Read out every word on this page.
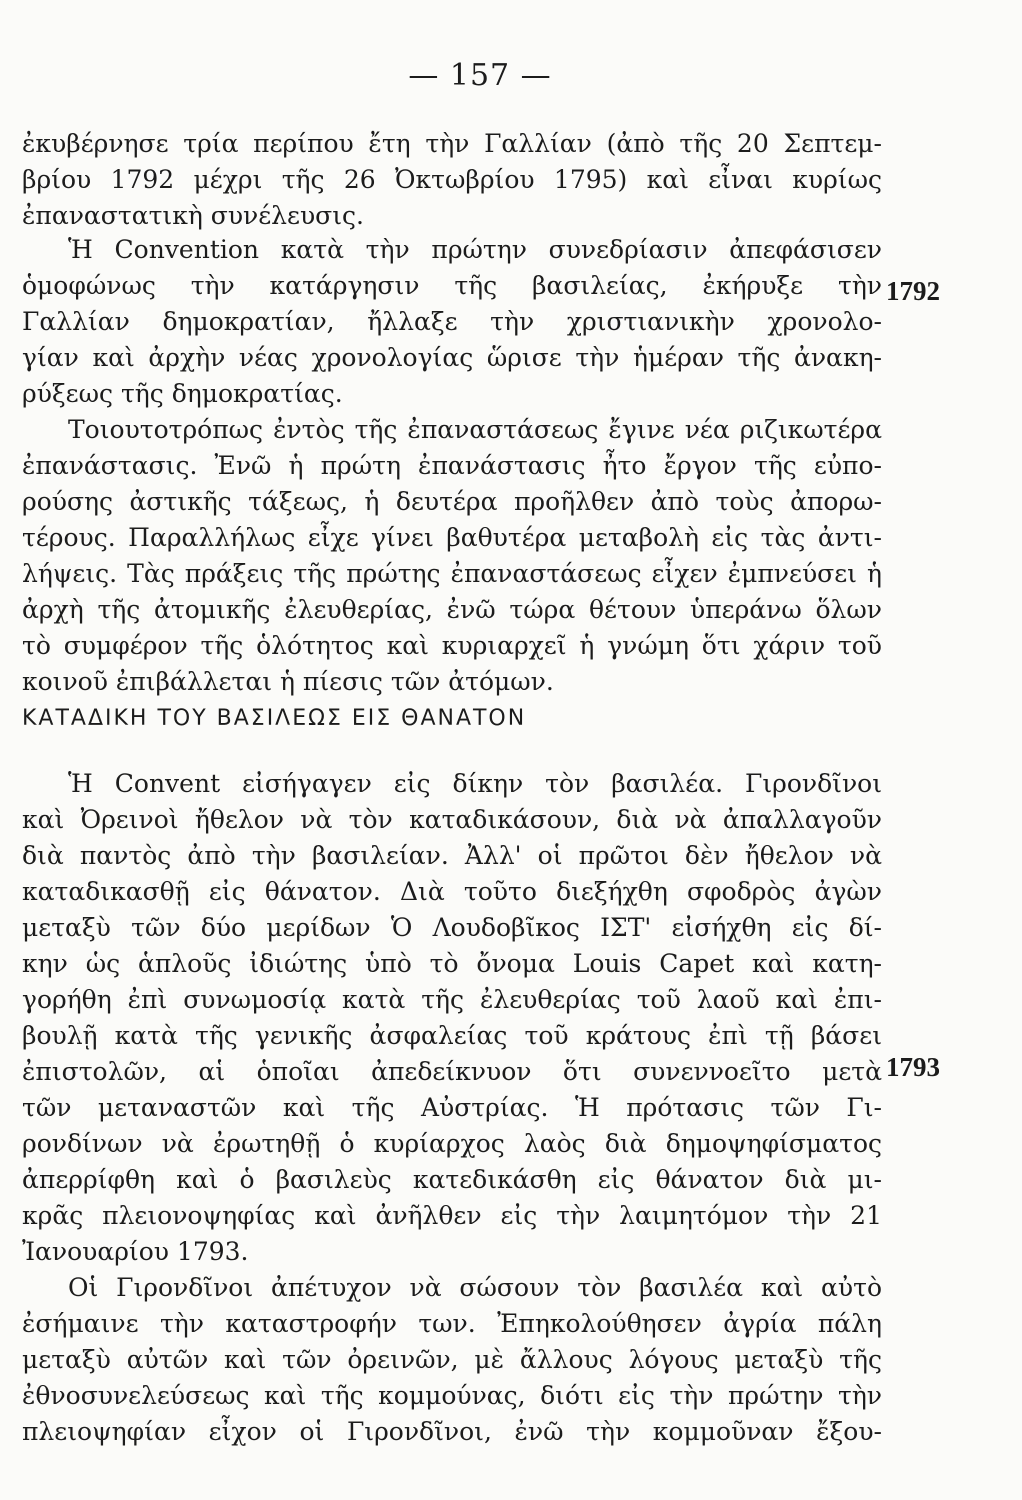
— 157 —
ἐκυβέρνησε τρία περίπου ἔτη τὴν Γαλλίαν (ἀπὸ τῆς 20 Σεπτεμ-
βρίου 1792 μέχρι τῆς 26 Ὀκτωβρίου 1795) καὶ εἶναι κυρίως
ἐπαναστατικὴ συνέλευσις.
Ἡ Convention κατὰ τὴν πρώτην συνεδρίασιν ἀπεφάσισεν
ὁμοφώνως τὴν κατάργησιν τῆς βασιλείας, ἐκήρυξε τὴν
Γαλλίαν δημοκρατίαν, ἤλλαξε τὴν χριστιανικὴν χρονολο-
γίαν καὶ ἀρχὴν νέας χρονολογίας ὥρισε τὴν ἡμέραν τῆς ἀνακη-
ρύξεως τῆς δημοκρατίας.
1792
Τοιουτοτρόπως ἐντὸς τῆς ἐπαναστάσεως ἔγινε νέα ριζικωτέρα
ἐπανάστασις. Ἐνῶ ἡ πρώτη ἐπανάστασις ἦτο ἔργον τῆς εὐπο-
ρούσης ἀστικῆς τάξεως, ἡ δευτέρα προῆλθεν ἀπὸ τοὺς ἀπορω-
τέρους. Παραλλήλως εἶχε γίνει βαθυτέρα μεταβολὴ εἰς τὰς ἀντι-
λήψεις. Τὰς πράξεις τῆς πρώτης ἐπαναστάσεως εἶχεν ἐμπνεύσει ἡ
ἀρχὴ τῆς ἀτομικῆς ἐλευθερίας, ἐνῶ τώρα θέτουν ὑπεράνω ὅλων
τὸ συμφέρον τῆς ὁλότητος καὶ κυριαρχεῖ ἡ γνώμη ὅτι χάριν τοῦ
κοινοῦ ἐπιβάλλεται ἡ πίεσις τῶν ἀτόμων.
ΚΑΤΑΔΙΚΗ ΤΟΥ ΒΑΣΙΛΕΩΣ ΕΙΣ ΘΑΝΑΤΟΝ
Ἡ Convent εἰσήγαγεν εἰς δίκην τὸν βασιλέα. Γιρονδῖνοι
καὶ Ὀρεινοὶ ἤθελον νὰ τὸν καταδικάσουν, διὰ νὰ ἀπαλλαγοῦν
διὰ παντὸς ἀπὸ τὴν βασιλείαν. Ἀλλ' οἱ πρῶτοι δὲν ἤθελον νὰ
καταδικασθῇ εἰς θάνατον. Διὰ τοῦτο διεξήχθη σφοδρὸς ἀγὼν
μεταξὺ τῶν δύο μερίδων Ὁ Λουδοβῖκος ΙΣΤ' εἰσήχθη εἰς δί-
κην ὡς ἁπλοῦς ἰδιώτης ὑπὸ τὸ ὄνομα Louis Capet καὶ κατη-
γορήθη ἐπὶ συνωμοσίᾳ κατὰ τῆς ἐλευθερίας τοῦ λαοῦ καὶ ἐπι-
βουλῇ κατὰ τῆς γενικῆς ἀσφαλείας τοῦ κράτους ἐπὶ τῇ βάσει
ἐπιστολῶν, αἱ ὁποῖαι ἀπεδείκνυον ὅτι συνεννοεῖτο μετὰ
τῶν μεταναστῶν καὶ τῆς Αὐστρίας. Ἡ πρότασις τῶν Γι-
ρονδίνων νὰ ἐρωτηθῇ ὁ κυρίαρχος λαὸς διὰ δημοψηφίσματος
ἀπερρίφθη καὶ ὁ βασιλεὺς κατεδικάσθη εἰς θάνατον διὰ μι-
κρᾶς πλειονοψηφίας καὶ ἀνῆλθεν εἰς τὴν λαιμητόμον τὴν 21
Ἰανουαρίου 1793.
1793
Οἱ Γιρονδῖνοι ἀπέτυχον νὰ σώσουν τὸν βασιλέα καὶ αὐτὸ
ἐσήμαινε τὴν καταστροφήν των. Ἐπηκολούθησεν ἀγρία πάλη
μεταξὺ αὐτῶν καὶ τῶν ὀρεινῶν, μὲ ἄλλους λόγους μεταξὺ τῆς
ἐθνοσυνελεύσεως καὶ τῆς κομμούνας, διότι εἰς τὴν πρώτην τὴν
πλειοψηφίαν εἶχον οἱ Γιρονδῖνοι, ἐνῶ τὴν κομμοῦναν ἔξου-
